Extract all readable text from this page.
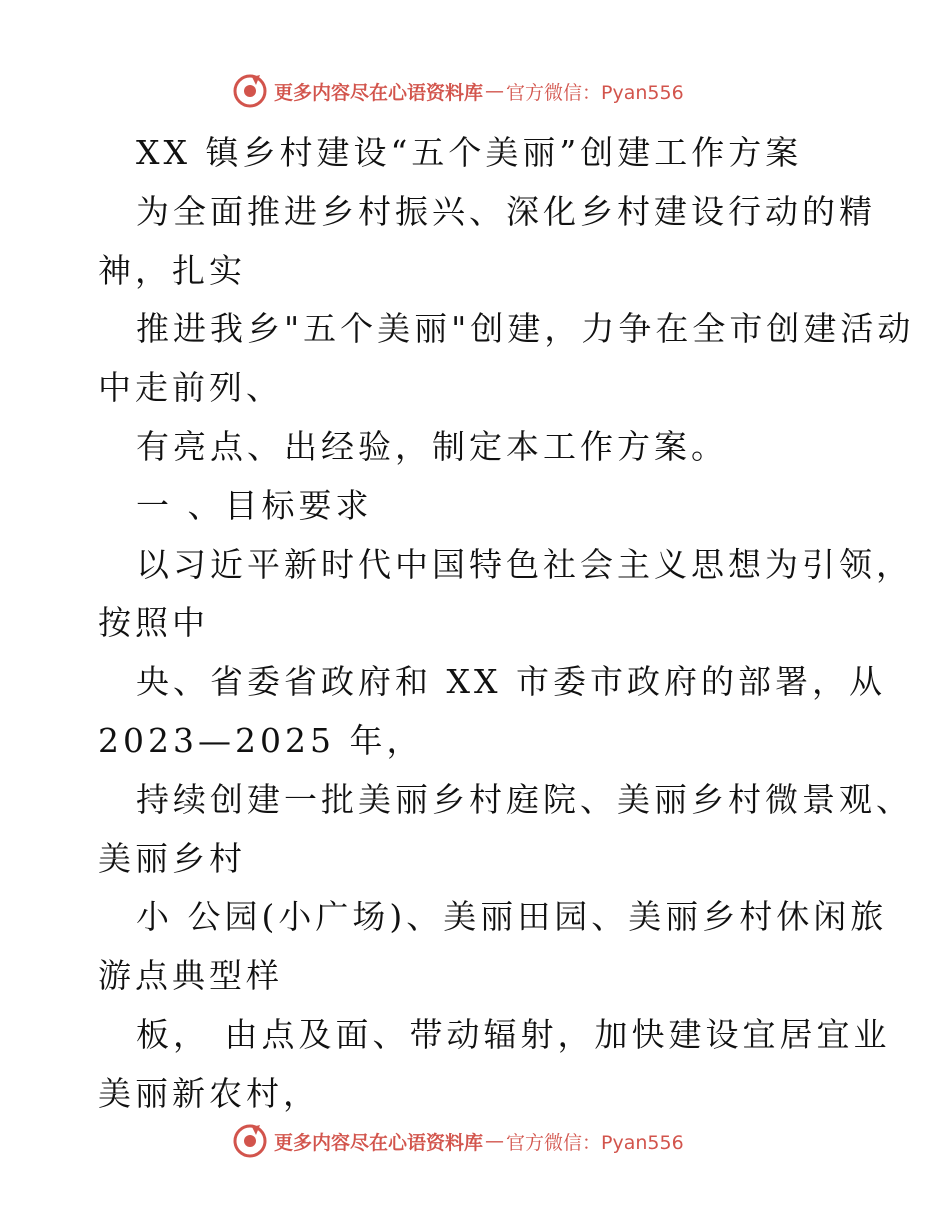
更多内容尽在心语资料库 — 官方微信：Pyan556
XX 镇乡村建设“五个美丽”创建工作方案
为全面推进乡村振兴、深化乡村建设行动的精
神，扎实
推进我乡"五个美丽"创建，力争在全市创建活动
中走前列、
有亮点、出经验，制定本工作方案。
一 、目标要求
以习近平新时代中国特色社会主义思想为引领，
按照中
央、省委省政府和 XX 市委市政府的部署，从
2023—2025 年，
持续创建一批美丽乡村庭院、美丽乡村微景观、
美丽乡村
小 公园(小广场)、美丽田园、美丽乡村休闲旅
游点典型样
板， 由点及面、带动辐射，加快建设宜居宜业
美丽新农村，
更多内容尽在心语资料库 — 官方微信：Pyan556
